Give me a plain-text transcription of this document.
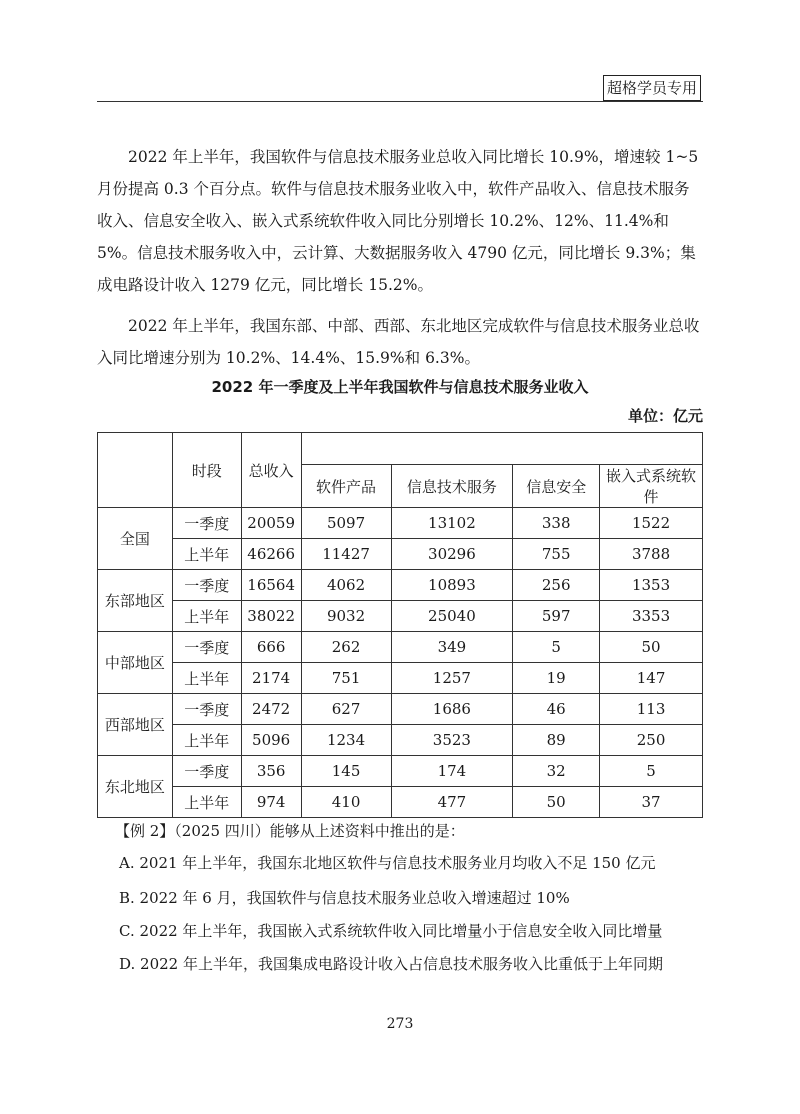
超格学员专用

2022 年上半年，我国软件与信息技术服务业总收入同比增长 10.9%，增速较 1~5 月份提高 0.3 个百分点。软件与信息技术服务业收入中，软件产品收入、信息技术服务收入、信息安全收入、嵌入式系统软件收入同比分别增长 10.2%、12%、11.4%和 5%。信息技术服务收入中，云计算、大数据服务收入 4790 亿元，同比增长 9.3%；集成电路设计收入 1279 亿元，同比增长 15.2%。

2022 年上半年，我国东部、中部、西部、东北地区完成软件与信息技术服务业总收入同比增速分别为 10.2%、14.4%、15.9%和 6.3%。

2022 年一季度及上半年我国软件与信息技术服务业收入
单位：亿元
	时段	总收入				
			软件产品	信息技术服务	信息安全	嵌入式系统软件
全国	一季度	20059	5097	13102	338	1522
	上半年	46266	11427	30296	755	3788
东部地区	一季度	16564	4062	10893	256	1353
	上半年	38022	9032	25040	597	3353
中部地区	一季度	666	262	349	5	50
	上半年	2174	751	1257	19	147
西部地区	一季度	2472	627	1686	46	113
	上半年	5096	1234	3523	89	250
东北地区	一季度	356	145	174	32	5
	上半年	974	410	477	50	37

【例 2】（2025 四川）能够从上述资料中推出的是：

A. 2021 年上半年，我国东北地区软件与信息技术服务业月均收入不足 150 亿元

B. 2022 年 6 月，我国软件与信息技术服务业总收入增速超过 10%

C. 2022 年上半年，我国嵌入式系统软件收入同比增量小于信息安全收入同比增量

D. 2022 年上半年，我国集成电路设计收入占信息技术服务收入比重低于上年同期

273
